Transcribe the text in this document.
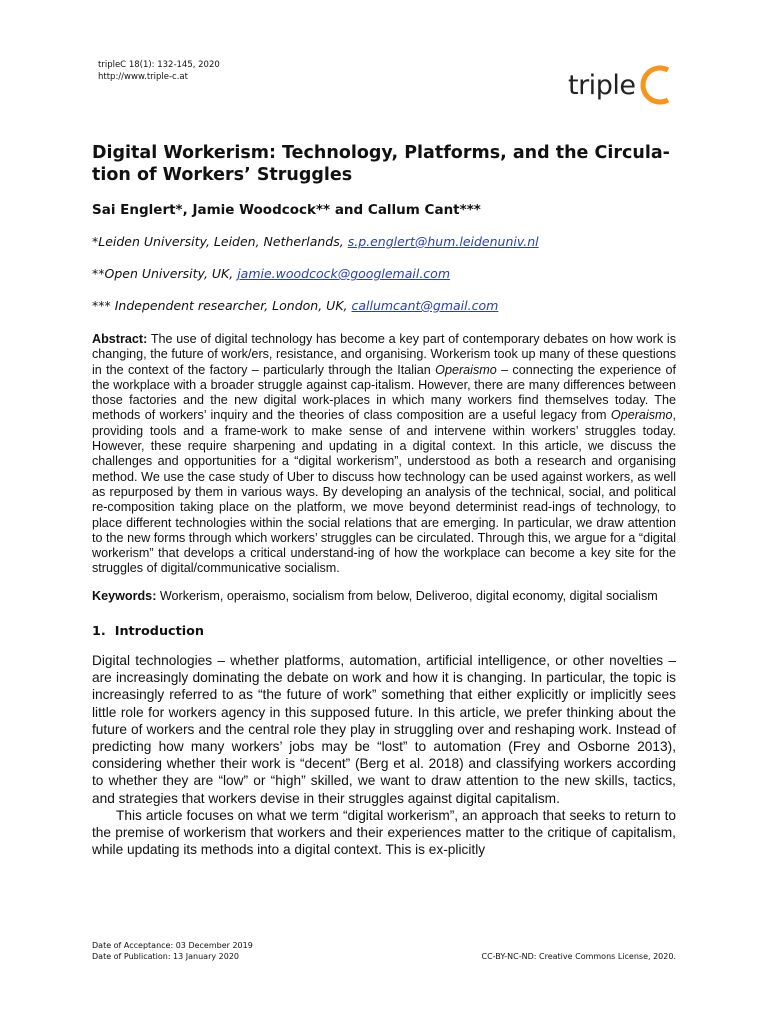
tripleC 18(1): 132-145, 2020
http://www.triple-c.at	triple
Digital Workerism: Technology, Platforms, and the Circula-tion of Workers’ Struggles

Sai Englert*, Jamie Woodcock** and Callum Cant***

*Leiden University, Leiden, Netherlands, s.p.englert@hum.leidenuniv.nl

**Open University, UK, jamie.woodcock@googlemail.com

*** Independent researcher, London, UK, callumcant@gmail.com

Abstract: The use of digital technology has become a key part of contemporary debates on how work is changing, the future of work/ers, resistance, and organising. Workerism took up many of these questions in the context of the factory – particularly through the Italian Operaismo – connecting the experience of the workplace with a broader struggle against cap-italism. However, there are many differences between those factories and the new digital work-places in which many workers find themselves today. The methods of workers’ inquiry and the theories of class composition are a useful legacy from Operaismo, providing tools and a frame-work to make sense of and intervene within workers’ struggles today. However, these require sharpening and updating in a digital context. In this article, we discuss the challenges and opportunities for a “digital workerism”, understood as both a research and organising method. We use the case study of Uber to discuss how technology can be used against workers, as well as repurposed by them in various ways. By developing an analysis of the technical, social, and political re-composition taking place on the platform, we move beyond determinist read-ings of technology, to place different technologies within the social relations that are emerging. In particular, we draw attention to the new forms through which workers’ struggles can be circulated. Through this, we argue for a “digital workerism” that develops a critical understand-ing of how the workplace can become a key site for the struggles of digital/communicative socialism.

Keywords: Workerism, operaismo, socialism from below, Deliveroo, digital economy, digital socialism

1. Introduction

Digital technologies – whether platforms, automation, artificial intelligence, or other novelties – are increasingly dominating the debate on work and how it is changing. In particular, the topic is increasingly referred to as “the future of work” something that either explicitly or implicitly sees little role for workers agency in this supposed future. In this article, we prefer thinking about the future of workers and the central role they play in struggling over and reshaping work. Instead of predicting how many workers’ jobs may be “lost” to automation (Frey and Osborne 2013), considering whether their work is “decent” (Berg et al. 2018) and classifying workers according to whether they are “low” or “high” skilled, we want to draw attention to the new skills, tactics, and strategies that workers devise in their struggles against digital capitalism.

This article focuses on what we term “digital workerism”, an approach that seeks to return to the premise of workerism that workers and their experiences matter to the critique of capitalism, while updating its methods into a digital context. This is ex-plicitly

Date of Acceptance: 03 December 2019
Date of Publication: 13 January 2020	CC-BY-NC-ND: Creative Commons License, 2020.
